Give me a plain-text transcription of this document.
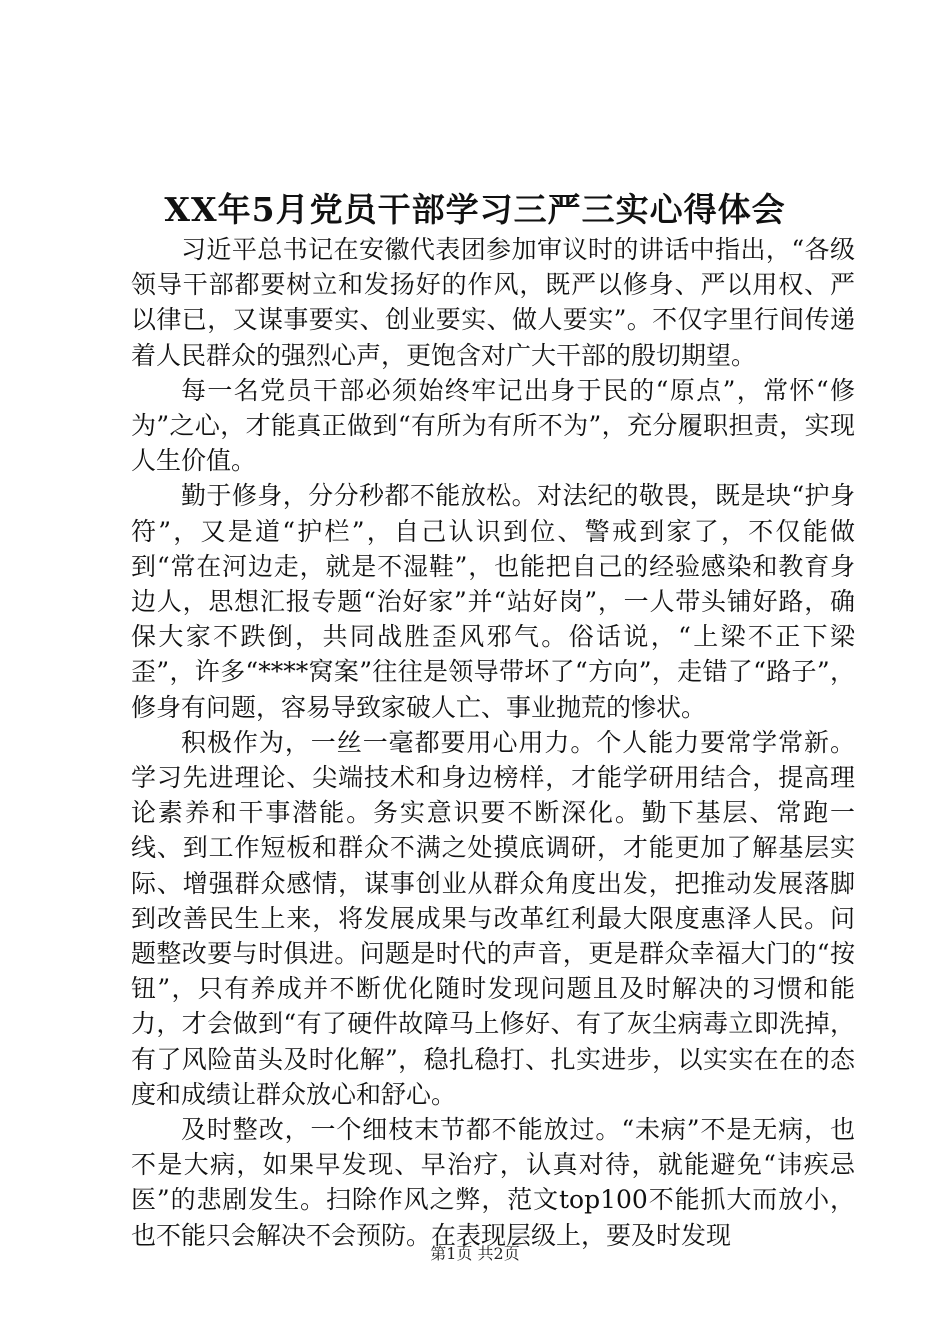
XX年5月党员干部学习三严三实心得体会

习近平总书记在安徽代表团参加审议时的讲话中指出，“各级领导干部都要树立和发扬好的作风，既严以修身、严以用权、严以律已，又谋事要实、创业要实、做人要实”。不仅字里行间传递着人民群众的强烈心声，更饱含对广大干部的殷切期望。

每一名党员干部必须始终牢记出身于民的“原点”，常怀“修为”之心，才能真正做到“有所为有所不为”，充分履职担责，实现人生价值。

勤于修身，分分秒都不能放松。对法纪的敬畏，既是块“护身符”，又是道“护栏”，自己认识到位、警戒到家了，不仅能做到“常在河边走，就是不湿鞋”，也能把自己的经验感染和教育身边人，思想汇报专题“治好家”并“站好岗”，一人带头铺好路，确保大家不跌倒，共同战胜歪风邪气。俗话说，“上梁不正下梁歪”，许多“****窝案”往往是领导带坏了“方向”，走错了“路子”，修身有问题，容易导致家破人亡、事业抛荒的惨状。

积极作为，一丝一毫都要用心用力。个人能力要常学常新。学习先进理论、尖端技术和身边榜样，才能学研用结合，提高理论素养和干事潜能。务实意识要不断深化。勤下基层、常跑一线、到工作短板和群众不满之处摸底调研，才能更加了解基层实际、增强群众感情，谋事创业从群众角度出发，把推动发展落脚到改善民生上来，将发展成果与改革红利最大限度惠泽人民。问题整改要与时俱进。问题是时代的声音，更是群众幸福大门的“按钮”，只有养成并不断优化随时发现问题且及时解决的习惯和能力，才会做到“有了硬件故障马上修好、有了灰尘病毒立即洗掉，有了风险苗头及时化解”，稳扎稳打、扎实进步，以实实在在的态度和成绩让群众放心和舒心。

及时整改，一个细枝末节都不能放过。“未病”不是无病，也不是大病，如果早发现、早治疗，认真对待，就能避免“讳疾忌医”的悲剧发生。扫除作风之弊，范文top100不能抓大而放小，也不能只会解决不会预防。在表现层级上，要及时发现

第1页 共2页
